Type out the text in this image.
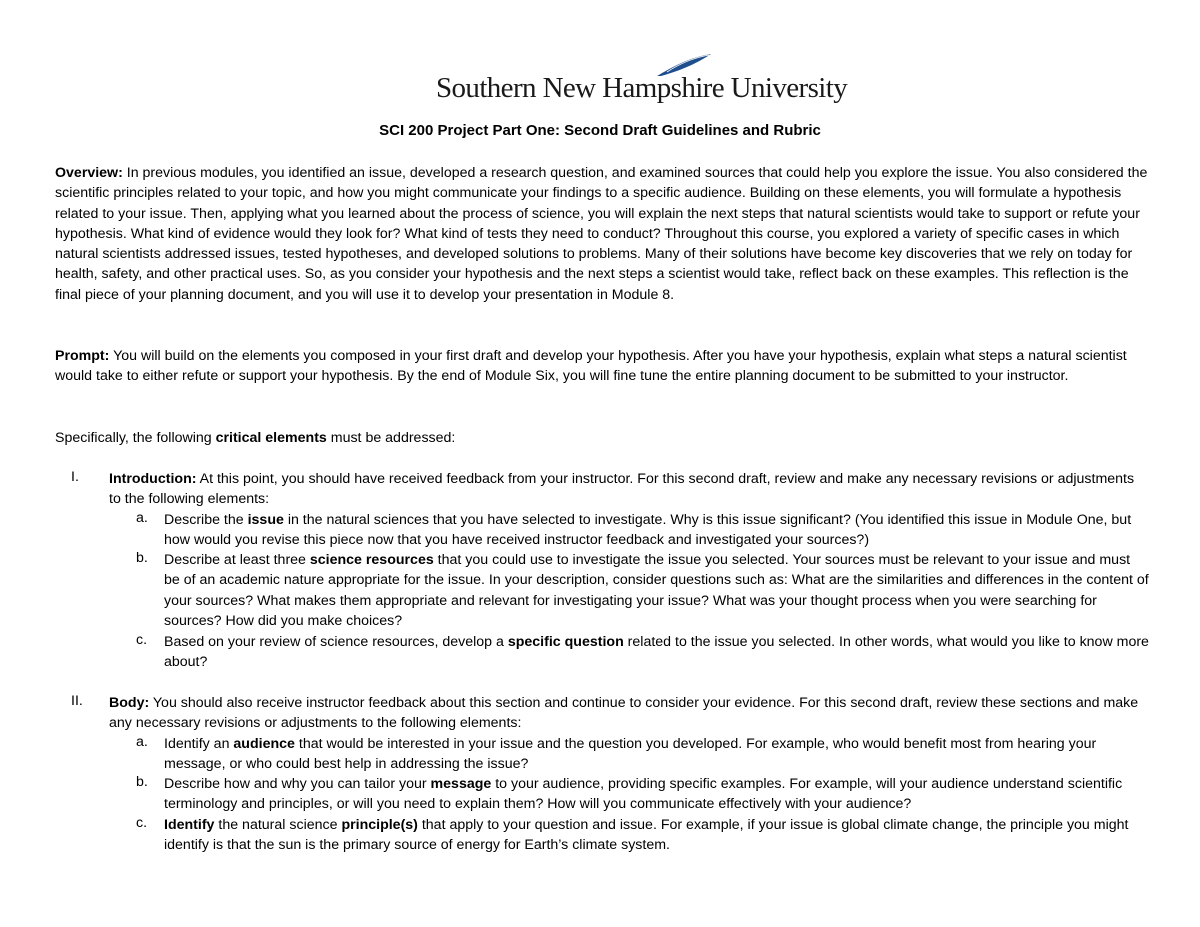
Southern New Hampshire University
SCI 200 Project Part One: Second Draft Guidelines and Rubric
Overview: In previous modules, you identified an issue, developed a research question, and examined sources that could help you explore the issue. You also considered the scientific principles related to your topic, and how you might communicate your findings to a specific audience. Building on these elements, you will formulate a hypothesis related to your issue. Then, applying what you learned about the process of science, you will explain the next steps that natural scientists would take to support or refute your hypothesis. What kind of evidence would they look for? What kind of tests they need to conduct? Throughout this course, you explored a variety of specific cases in which natural scientists addressed issues, tested hypotheses, and developed solutions to problems. Many of their solutions have become key discoveries that we rely on today for health, safety, and other practical uses. So, as you consider your hypothesis and the next steps a scientist would take, reflect back on these examples. This reflection is the final piece of your planning document, and you will use it to develop your presentation in Module 8.
Prompt: You will build on the elements you composed in your first draft and develop your hypothesis. After you have your hypothesis, explain what steps a natural scientist would take to either refute or support your hypothesis. By the end of Module Six, you will fine tune the entire planning document to be submitted to your instructor.
Specifically, the following critical elements must be addressed:
I. Introduction: At this point, you should have received feedback from your instructor. For this second draft, review and make any necessary revisions or adjustments to the following elements:
a. Describe the issue in the natural sciences that you have selected to investigate. Why is this issue significant? (You identified this issue in Module One, but how would you revise this piece now that you have received instructor feedback and investigated your sources?)
b. Describe at least three science resources that you could use to investigate the issue you selected. Your sources must be relevant to your issue and must be of an academic nature appropriate for the issue. In your description, consider questions such as: What are the similarities and differences in the content of your sources? What makes them appropriate and relevant for investigating your issue? What was your thought process when you were searching for sources? How did you make choices?
c. Based on your review of science resources, develop a specific question related to the issue you selected. In other words, what would you like to know more about?
II. Body: You should also receive instructor feedback about this section and continue to consider your evidence. For this second draft, review these sections and make any necessary revisions or adjustments to the following elements:
a. Identify an audience that would be interested in your issue and the question you developed. For example, who would benefit most from hearing your message, or who could best help in addressing the issue?
b. Describe how and why you can tailor your message to your audience, providing specific examples. For example, will your audience understand scientific terminology and principles, or will you need to explain them? How will you communicate effectively with your audience?
c. Identify the natural science principle(s) that apply to your question and issue. For example, if your issue is global climate change, the principle you might identify is that the sun is the primary source of energy for Earth’s climate system.
